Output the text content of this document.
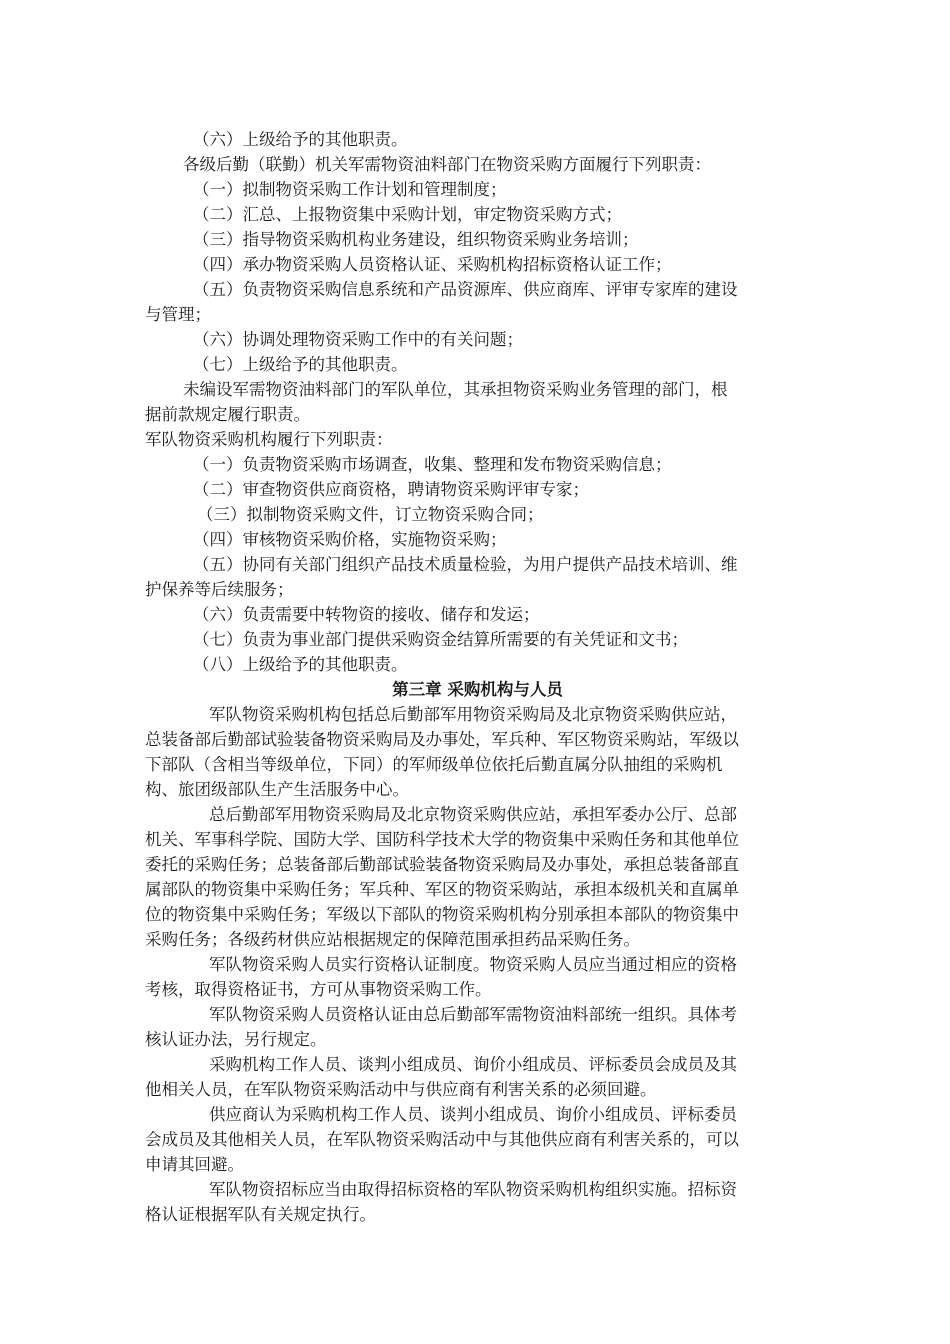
（六）上级给予的其他职责。

各级后勤（联勤）机关军需物资油料部门在物资采购方面履行下列职责：

（一）拟制物资采购工作计划和管理制度；

（二）汇总、上报物资集中采购计划，审定物资采购方式；

（三）指导物资采购机构业务建设，组织物资采购业务培训；

（四）承办物资采购人员资格认证、采购机构招标资格认证工作；

（五）负责物资采购信息系统和产品资源库、供应商库、评审专家库的建设

与管理；

（六）协调处理物资采购工作中的有关问题；

（七）上级给予的其他职责。

未编设军需物资油料部门的军队单位，其承担物资采购业务管理的部门，根

据前款规定履行职责。

军队物资采购机构履行下列职责：

（一）负责物资采购市场调查，收集、整理和发布物资采购信息；

（二）审查物资供应商资格，聘请物资采购评审专家；

（三）拟制物资采购文件，订立物资采购合同；

（四）审核物资采购价格，实施物资采购；

（五）协同有关部门组织产品技术质量检验，为用户提供产品技术培训、维

护保养等后续服务；

（六）负责需要中转物资的接收、储存和发运；

（七）负责为事业部门提供采购资金结算所需要的有关凭证和文书；

（八）上级给予的其他职责。

第三章 采购机构与人员

军队物资采购机构包括总后勤部军用物资采购局及北京物资采购供应站，

总装备部后勤部试验装备物资采购局及办事处，军兵种、军区物资采购站，军级以

下部队（含相当等级单位，下同）的军师级单位依托后勤直属分队抽组的采购机

构、旅团级部队生产生活服务中心。

总后勤部军用物资采购局及北京物资采购供应站，承担军委办公厅、总部

机关、军事科学院、国防大学、国防科学技术大学的物资集中采购任务和其他单位

委托的采购任务；总装备部后勤部试验装备物资采购局及办事处，承担总装备部直

属部队的物资集中采购任务；军兵种、军区的物资采购站，承担本级机关和直属单

位的物资集中采购任务；军级以下部队的物资采购机构分别承担本部队的物资集中

采购任务；各级药材供应站根据规定的保障范围承担药品采购任务。

军队物资采购人员实行资格认证制度。物资采购人员应当通过相应的资格

考核，取得资格证书，方可从事物资采购工作。

军队物资采购人员资格认证由总后勤部军需物资油料部统一组织。具体考

核认证办法，另行规定。

采购机构工作人员、谈判小组成员、询价小组成员、评标委员会成员及其

他相关人员，在军队物资采购活动中与供应商有利害关系的必须回避。

供应商认为采购机构工作人员、谈判小组成员、询价小组成员、评标委员

会成员及其他相关人员，在军队物资采购活动中与其他供应商有利害关系的，可以

申请其回避。

军队物资招标应当由取得招标资格的军队物资采购机构组织实施。招标资

格认证根据军队有关规定执行。
